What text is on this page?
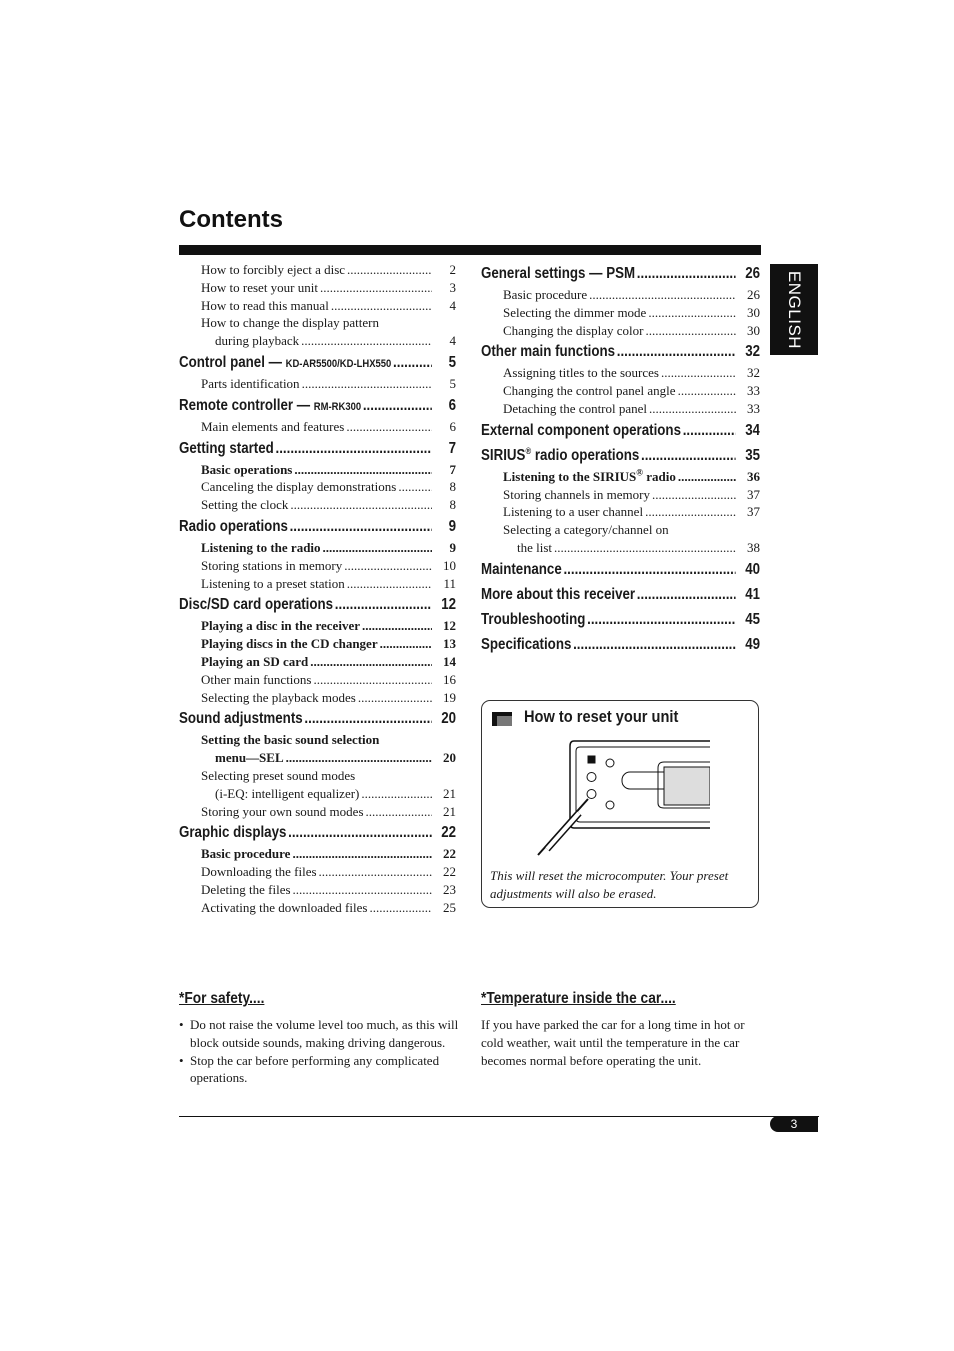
Contents
How to forcibly eject a disc .....	2
How to reset your unit .....	3
How to read this manual .....	4
How to change the display pattern
during playback .....	4
Control panel — KD-AR5500/KD-LHX550 .....	5
Parts identification .....	5
Remote controller — RM-RK300 .....	6
Main elements and features .....	6
Getting started .....	7
Basic operations .....	7
Canceling the display demonstrations .....	8
Setting the clock .....	8
Radio operations .....	9
Listening to the radio .....	9
Storing stations in memory .....	10
Listening to a preset station .....	11
Disc/SD card operations .....	12
Playing a disc in the receiver .....	12
Playing discs in the CD changer .....	13
Playing an SD card .....	14
Other main functions .....	16
Selecting the playback modes .....	19
Sound adjustments .....	20
Setting the basic sound selection
menu—SEL .....	20
Selecting preset sound modes
(i-EQ: intelligent equalizer) .....	21
Storing your own sound modes .....	21
Graphic displays .....	22
Basic procedure .....	22
Downloading the files .....	22
Deleting the files .....	23
Activating the downloaded files .....	25
General settings — PSM .....	26
Basic procedure .....	26
Selecting the dimmer mode .....	30
Changing the display color .....	30
Other main functions .....	32
Assigning titles to the sources .....	32
Changing the control panel angle .....	33
Detaching the control panel .....	33
External component operations .....	34
SIRIUS® radio operations .....	35
Listening to the SIRIUS® radio .....	36
Storing channels in memory .....	37
Listening to a user channel .....	37
Selecting a category/channel on
the list .....	38
Maintenance .....	40
More about this receiver .....	41
Troubleshooting .....	45
Specifications .....	49
ENGLISH
How to reset your unit
This will reset the microcomputer. Your preset adjustments will also be erased.
*For safety....
• Do not raise the volume level too much, as this will block outside sounds, making driving dangerous.
• Stop the car before performing any complicated operations.
*Temperature inside the car....
If you have parked the car for a long time in hot or cold weather, wait until the temperature in the car becomes normal before operating the unit.
3
